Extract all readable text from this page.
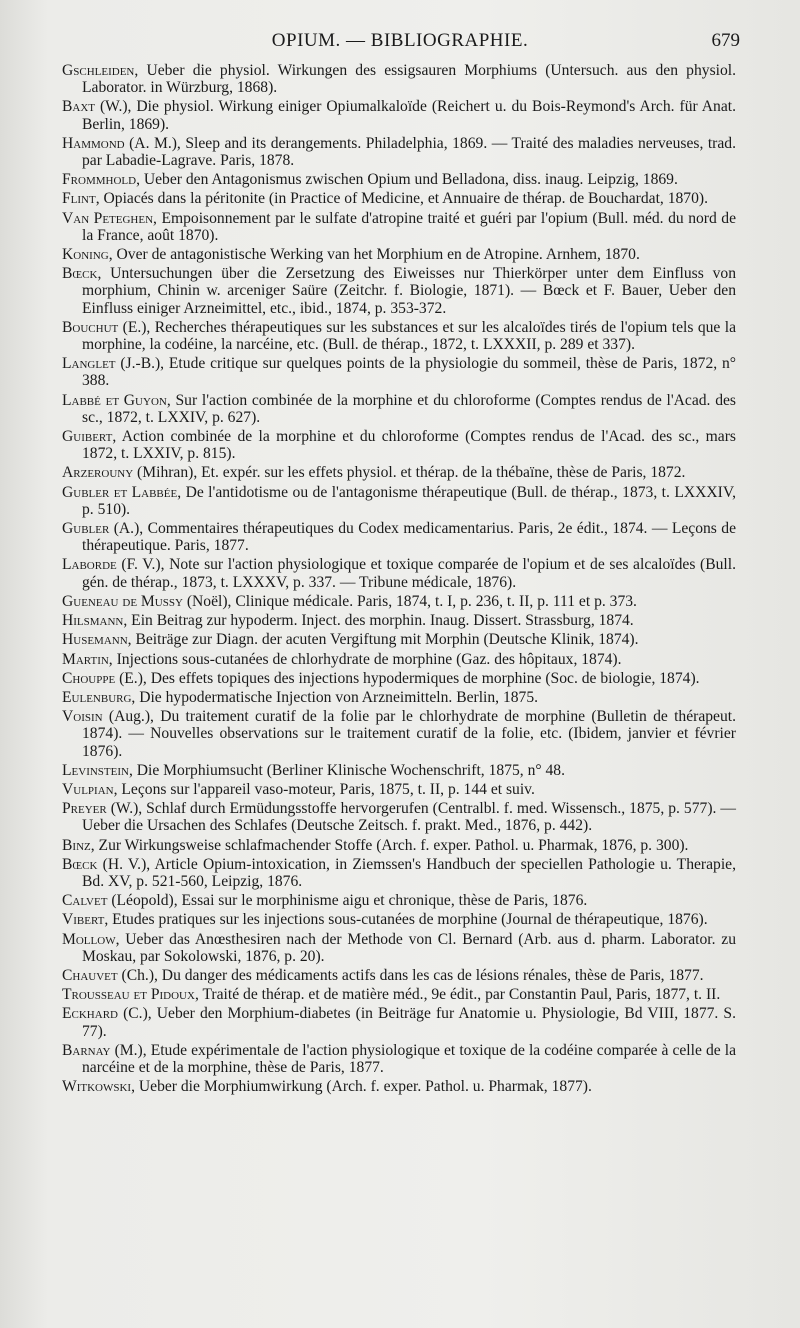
OPIUM. — BIBLIOGRAPHIE.	679

Gschleiden, Ueber die physiol. Wirkungen des essigsauren Morphiums (Untersuch. aus den physiol. Laborator. in Würzburg, 1868).

Baxt (W.), Die physiol. Wirkung einiger Opiumalkaloïde (Reichert u. du Bois-Reymond's Arch. für Anat. Berlin, 1869).

Hammond (A. M.), Sleep and its derangements. Philadelphia, 1869. — Traité des maladies nerveuses, trad. par Labadie-Lagrave. Paris, 1878.

Frommhold, Ueber den Antagonismus zwischen Opium und Belladona, diss. inaug. Leipzig, 1869.

Flint, Opiacés dans la péritonite (in Practice of Medicine, et Annuaire de thérap. de Bouchardat, 1870).

Van Peteghen, Empoisonnement par le sulfate d'atropine traité et guéri par l'opium (Bull. méd. du nord de la France, août 1870).

Koning, Over de antagonistische Werking van het Morphium en de Atropine. Arnhem, 1870.

Bœck, Untersuchungen über die Zersetzung des Eiweisses nur Thierkörper unter dem Einfluss von morphium, Chinin w. arceniger Saüre (Zeitchr. f. Biologie, 1871). — Bœck et F. Bauer, Ueber den Einfluss einiger Arzneimittel, etc., ibid., 1874, p. 353-372.

Bouchut (E.), Recherches thérapeutiques sur les substances et sur les alcaloïdes tirés de l'opium tels que la morphine, la codéine, la narcéine, etc. (Bull. de thérap., 1872, t. LXXXII, p. 289 et 337).

Langlet (J.-B.), Etude critique sur quelques points de la physiologie du sommeil, thèse de Paris, 1872, n° 388.

Labbé et Guyon, Sur l'action combinée de la morphine et du chloroforme (Comptes rendus de l'Acad. des sc., 1872, t. LXXIV, p. 627).

Guibert, Action combinée de la morphine et du chloroforme (Comptes rendus de l'Acad. des sc., mars 1872, t. LXXIV, p. 815).

Arzerouny (Mihran), Et. expér. sur les effets physiol. et thérap. de la thébaïne, thèse de Paris, 1872.

Gubler et Labbée, De l'antidotisme ou de l'antagonisme thérapeutique (Bull. de thérap., 1873, t. LXXXIV, p. 510).

Gubler (A.), Commentaires thérapeutiques du Codex medicamentarius. Paris, 2e édit., 1874. — Leçons de thérapeutique. Paris, 1877.

Laborde (F. V.), Note sur l'action physiologique et toxique comparée de l'opium et de ses alcaloïdes (Bull. gén. de thérap., 1873, t. LXXXV, p. 337. — Tribune médicale, 1876).

Gueneau de Mussy (Noël), Clinique médicale. Paris, 1874, t. I, p. 236, t. II, p. 111 et p. 373.

Hilsmann, Ein Beitrag zur hypoderm. Inject. des morphin. Inaug. Dissert. Strassburg, 1874.

Husemann, Beiträge zur Diagn. der acuten Vergiftung mit Morphin (Deutsche Klinik, 1874).

Martin, Injections sous-cutanées de chlorhydrate de morphine (Gaz. des hôpitaux, 1874).

Chouppe (E.), Des effets topiques des injections hypodermiques de morphine (Soc. de biologie, 1874).

Eulenburg, Die hypodermatische Injection von Arzneimitteln. Berlin, 1875.

Voisin (Aug.), Du traitement curatif de la folie par le chlorhydrate de morphine (Bulletin de thérapeut. 1874). — Nouvelles observations sur le traitement curatif de la folie, etc. (Ibidem, janvier et février 1876).

Levinstein, Die Morphiumsucht (Berliner Klinische Wochenschrift, 1875, n° 48.

Vulpian, Leçons sur l'appareil vaso-moteur, Paris, 1875, t. II, p. 144 et suiv.

Preyer (W.), Schlaf durch Ermüdungsstoffe hervorgerufen (Centralbl. f. med. Wissensch., 1875, p. 577). — Ueber die Ursachen des Schlafes (Deutsche Zeitsch. f. prakt. Med., 1876, p. 442).

Binz, Zur Wirkungsweise schlafmachender Stoffe (Arch. f. exper. Pathol. u. Pharmak, 1876, p. 300).

Bœck (H. V.), Article Opium-intoxication, in Ziemssen's Handbuch der speciellen Pathologie u. Therapie, Bd. XV, p. 521-560, Leipzig, 1876.

Calvet (Léopold), Essai sur le morphinisme aigu et chronique, thèse de Paris, 1876.

Vibert, Etudes pratiques sur les injections sous-cutanées de morphine (Journal de thérapeutique, 1876).

Mollow, Ueber das Anœsthesiren nach der Methode von Cl. Bernard (Arb. aus d. pharm. Laborator. zu Moskau, par Sokolowski, 1876, p. 20).

Chauvet (Ch.), Du danger des médicaments actifs dans les cas de lésions rénales, thèse de Paris, 1877.

Trousseau et Pidoux, Traité de thérap. et de matière méd., 9e édit., par Constantin Paul, Paris, 1877, t. II.

Eckhard (C.), Ueber den Morphium-diabetes (in Beiträge fur Anatomie u. Physiologie, Bd VIII, 1877. S. 77).

Barnay (M.), Etude expérimentale de l'action physiologique et toxique de la codéine comparée à celle de la narcéine et de la morphine, thèse de Paris, 1877.

Witkowski, Ueber die Morphiumwirkung (Arch. f. exper. Pathol. u. Pharmak, 1877).
